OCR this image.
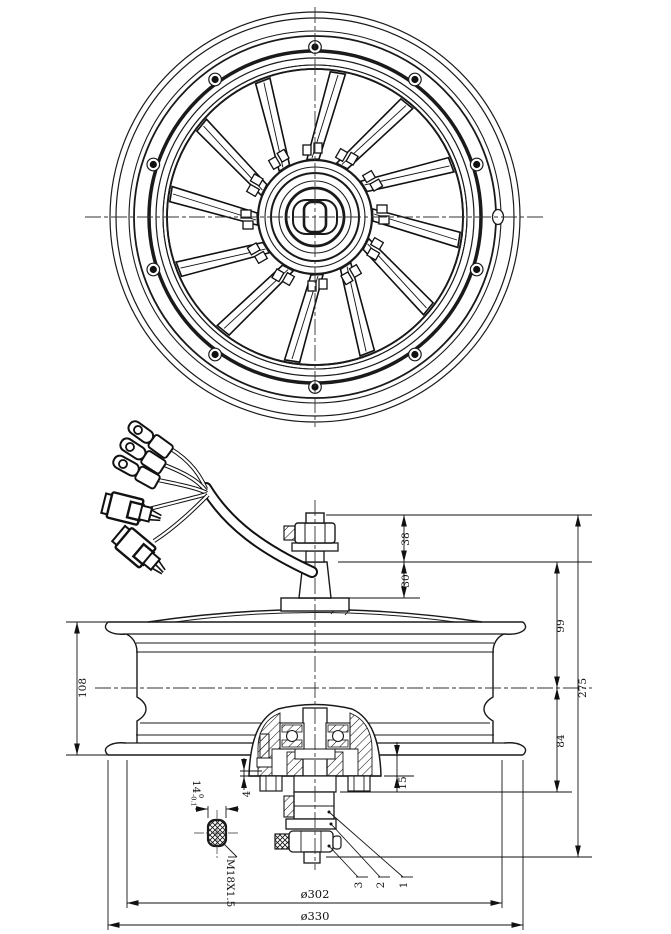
38
30
99
275
84
108
15
4
ø302
ø330
M18X1.5
14
0
-0.1
3 2 1
